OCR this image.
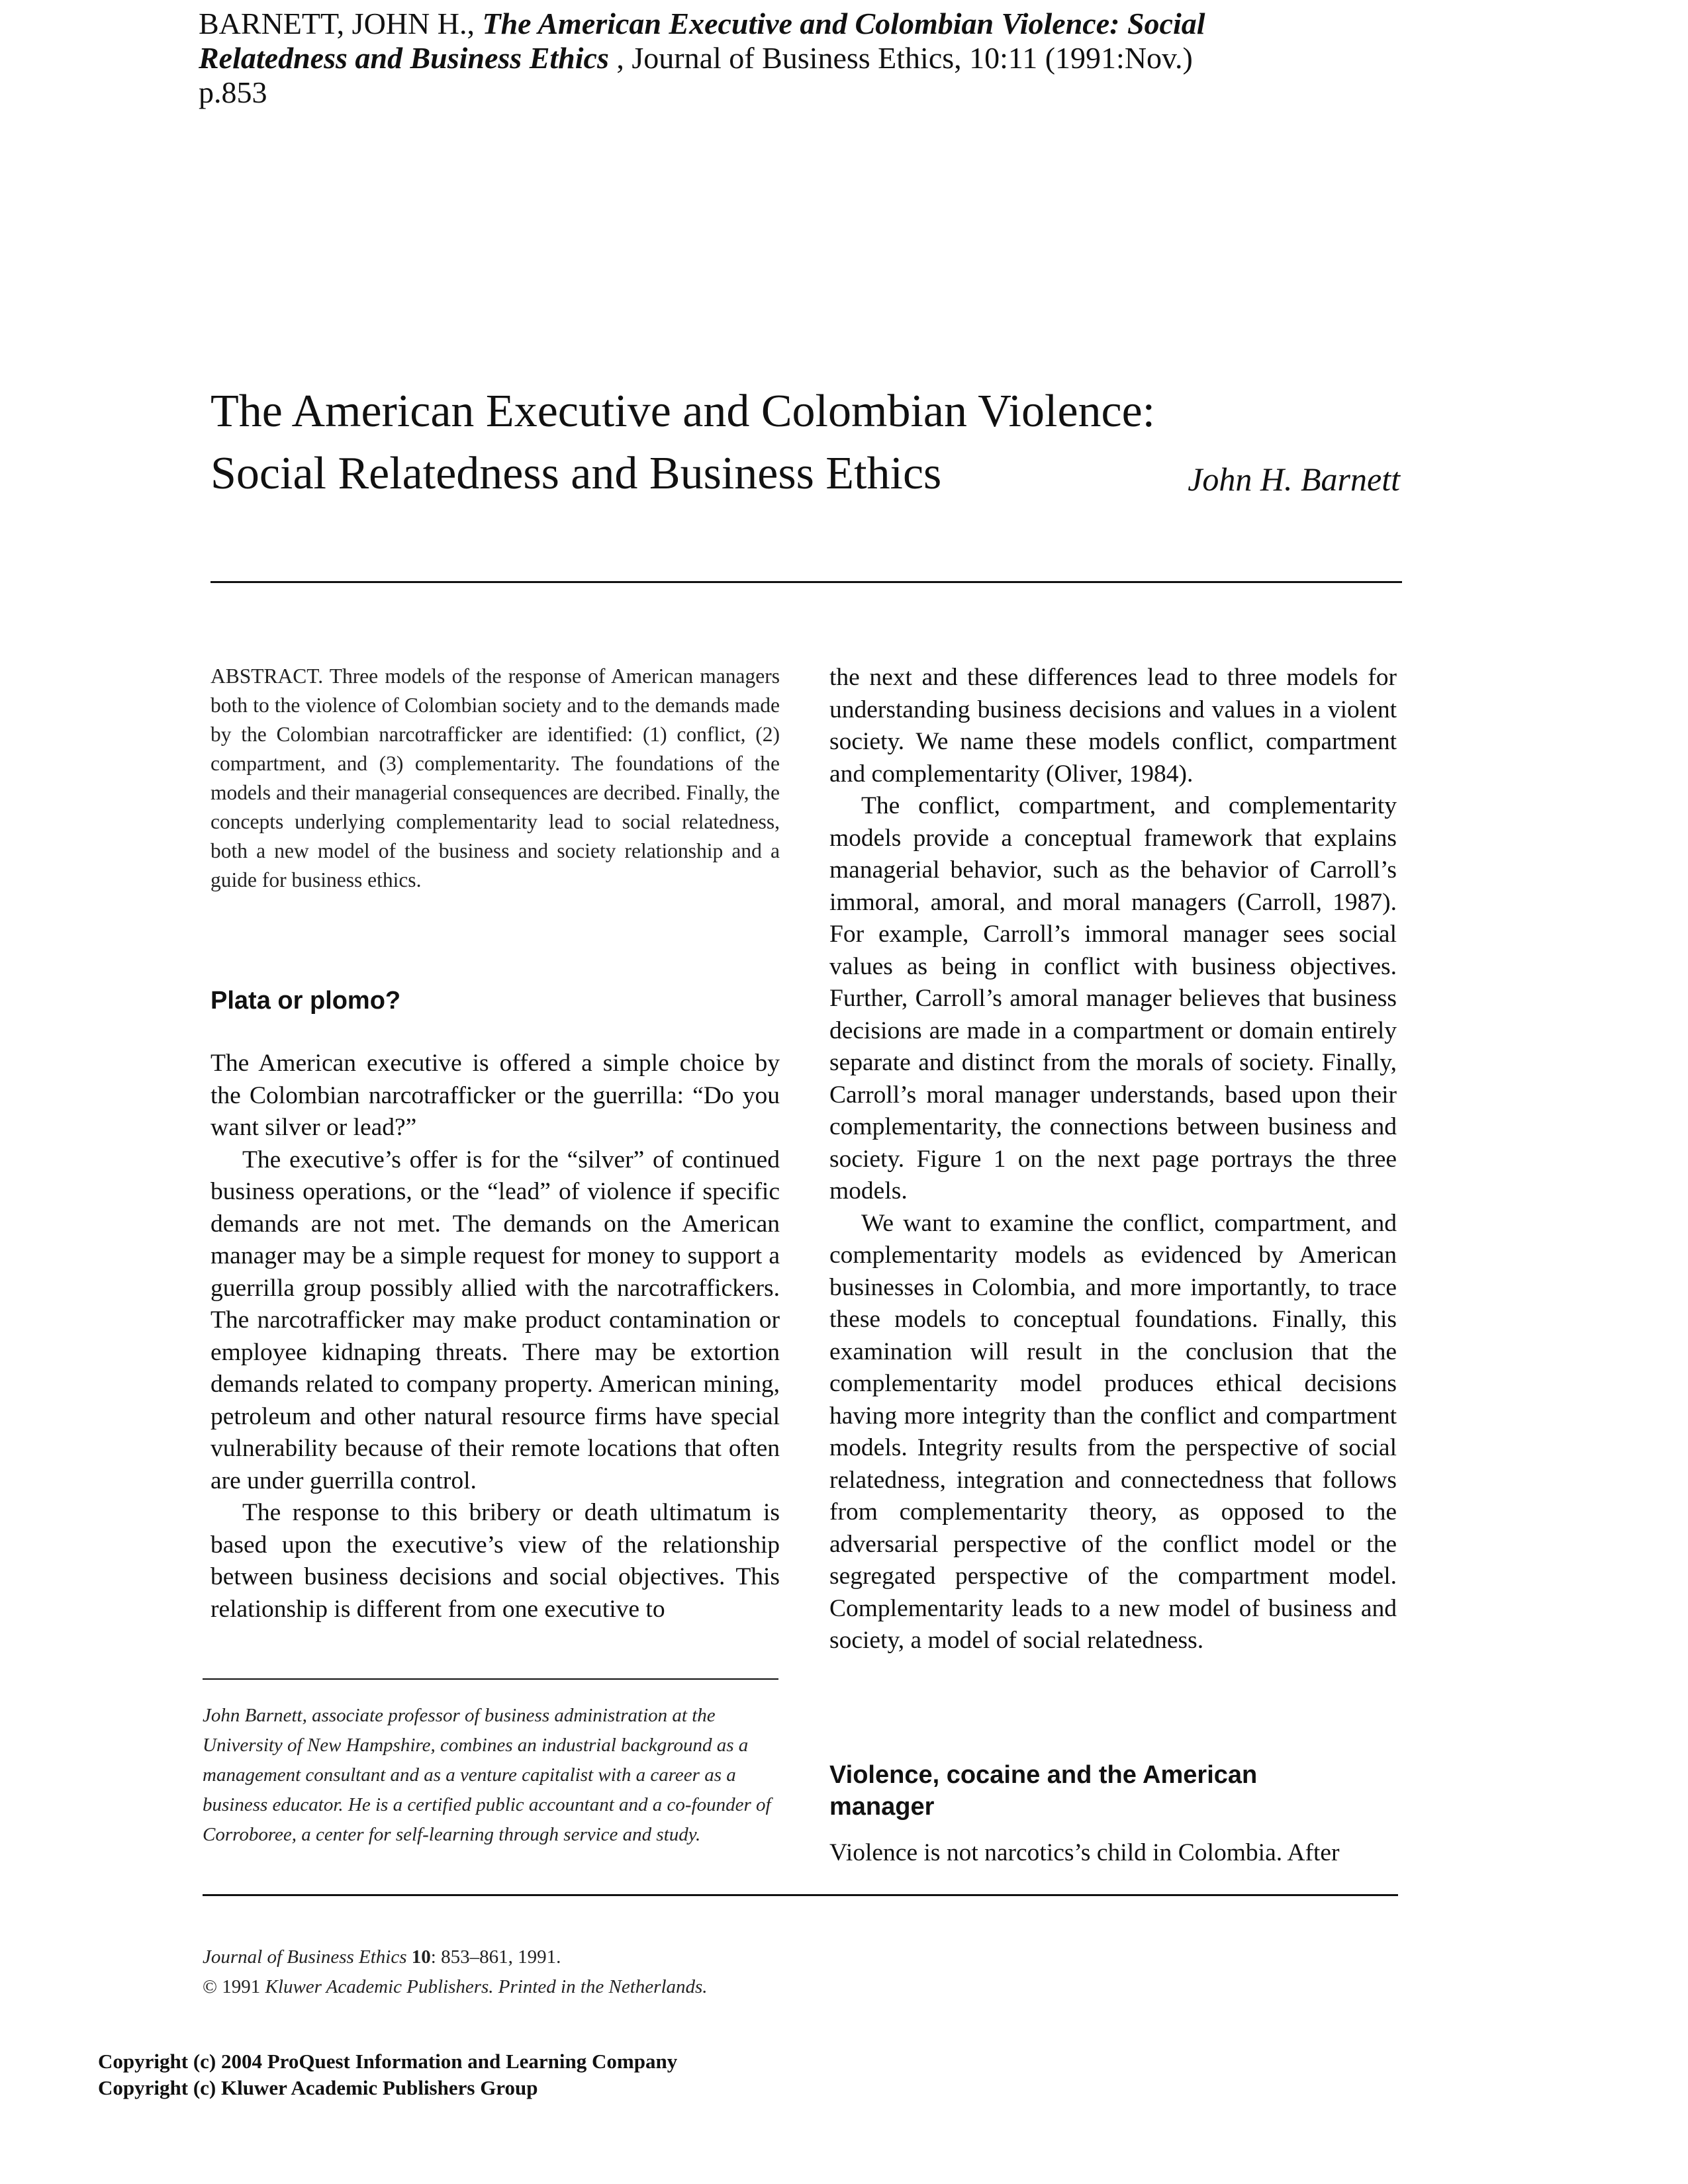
BARNETT, JOHN H., The American Executive and Colombian Violence: Social
Relatedness and Business Ethics , Journal of Business Ethics, 10:11 (1991:Nov.)
p.853
The American Executive and Colombian Violence:
Social Relatedness and Business Ethics	John H. Barnett
ABSTRACT. Three models of the response of American managers both to the violence of Colombian society and to the demands made by the Colombian narcotrafficker are identified: (1) conflict, (2) compartment, and (3) complementarity. The foundations of the models and their managerial consequences are decribed. Finally, the concepts underlying complementarity lead to social relatedness, both a new model of the business and society relationship and a guide for business ethics.
Plata or plomo?

The American executive is offered a simple choice by the Colombian narcotrafficker or the guerrilla: “Do you want silver or lead?”

The executive’s offer is for the “silver” of continued business operations, or the “lead” of violence if specific demands are not met. The demands on the American manager may be a simple request for money to support a guerrilla group possibly allied with the narcotraffickers. The narcotrafficker may make product contamination or employee kidnaping threats. There may be extortion demands related to company property. American mining, petroleum and other natural resource firms have special vulnerability because of their remote locations that often are under guerrilla control.

The response to this bribery or death ultimatum is based upon the executive’s view of the relationship between business decisions and social objectives. This relationship is different from one executive to

John Barnett, associate professor of business administration at the University of New Hampshire, combines an industrial background as a management consultant and as a venture capitalist with a career as a business educator. He is a certified public accountant and a co-founder of Corroboree, a center for self-learning through service and study.

the next and these differences lead to three models for understanding business decisions and values in a violent society. We name these models conflict, compartment and complementarity (Oliver, 1984).

The conflict, compartment, and complementarity models provide a conceptual framework that explains managerial behavior, such as the behavior of Carroll’s immoral, amoral, and moral managers (Carroll, 1987). For example, Carroll’s immoral manager sees social values as being in conflict with business objectives. Further, Carroll’s amoral manager believes that business decisions are made in a compartment or domain entirely separate and distinct from the morals of society. Finally, Carroll’s moral manager understands, based upon their complementarity, the connections between business and society. Figure 1 on the next page portrays the three models.

We want to examine the conflict, compartment, and complementarity models as evidenced by American businesses in Colombia, and more importantly, to trace these models to conceptual foundations. Finally, this examination will result in the conclusion that the complementarity model produces ethical decisions having more integrity than the conflict and compartment models. Integrity results from the perspective of social relatedness, integration and connectedness that follows from complementarity theory, as opposed to the adversarial perspective of the conflict model or the segregated perspective of the compartment model. Complementarity leads to a new model of business and society, a model of social relatedness.

Violence, cocaine and the American manager
Violence is not narcotics’s child in Colombia. After
Journal of Business Ethics 10: 853–861, 1991.
© 1991 Kluwer Academic Publishers. Printed in the Netherlands.
Copyright (c) 2004 ProQuest Information and Learning Company
Copyright (c) Kluwer Academic Publishers Group
